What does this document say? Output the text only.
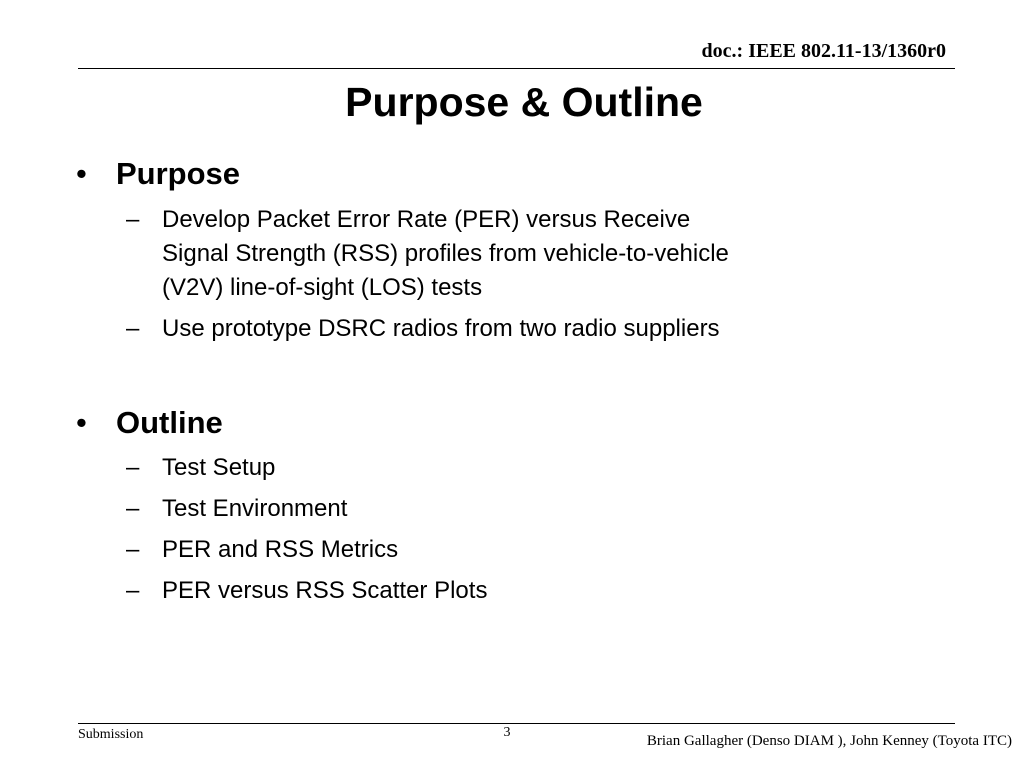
doc.: IEEE 802.11-13/1360r0
Purpose & Outline
• Purpose
– Develop Packet Error Rate (PER) versus Receive
Signal Strength (RSS) profiles from vehicle-to-vehicle
(V2V) line-of-sight (LOS) tests
– Use prototype DSRC radios from two radio suppliers
• Outline
– Test Setup
– Test Environment
– PER and RSS Metrics
– PER versus RSS Scatter Plots
Submission	3
Brian Gallagher (Denso DIAM ), John Kenney (Toyota ITC)
